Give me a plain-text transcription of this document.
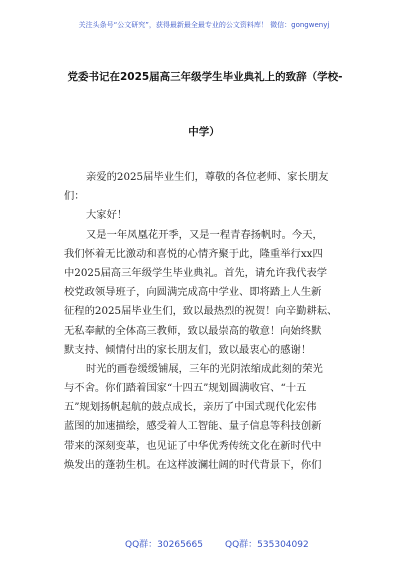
关注头条号“公文研究”，获得最新最全最专业的公文资料库！ 微信：gongwenyj
党委书记在2025届高三年级学生毕业典礼上的致辞（学校-
中学）
亲爱的2025届毕业生们，尊敬的各位老师、家长朋友
们：
大家好！
又是一年凤凰花开季，又是一程青春扬帆时。今天，
我们怀着无比激动和喜悦的心情齐聚于此，隆重举行xx四
中2025届高三年级学生毕业典礼。首先，请允许我代表学
校党政领导班子，向圆满完成高中学业、即将踏上人生新
征程的2025届毕业生们，致以最热烈的祝贺！向辛勤耕耘、
无私奉献的全体高三教师，致以最崇高的敬意！向始终默
默支持、倾情付出的家长朋友们，致以最衷心的感谢！
时光的画卷缓缓铺展，三年的光阴浓缩成此刻的荣光
与不舍。你们踏着国家“十四五”规划圆满收官、“十五
五”规划扬帆起航的鼓点成长，亲历了中国式现代化宏伟
蓝图的加速描绘，感受着人工智能、量子信息等科技创新
带来的深刻变革，也见证了中华优秀传统文化在新时代中
焕发出的蓬勃生机。在这样波澜壮阔的时代背景下，你们
QQ群：30265665 QQ群：535304092
